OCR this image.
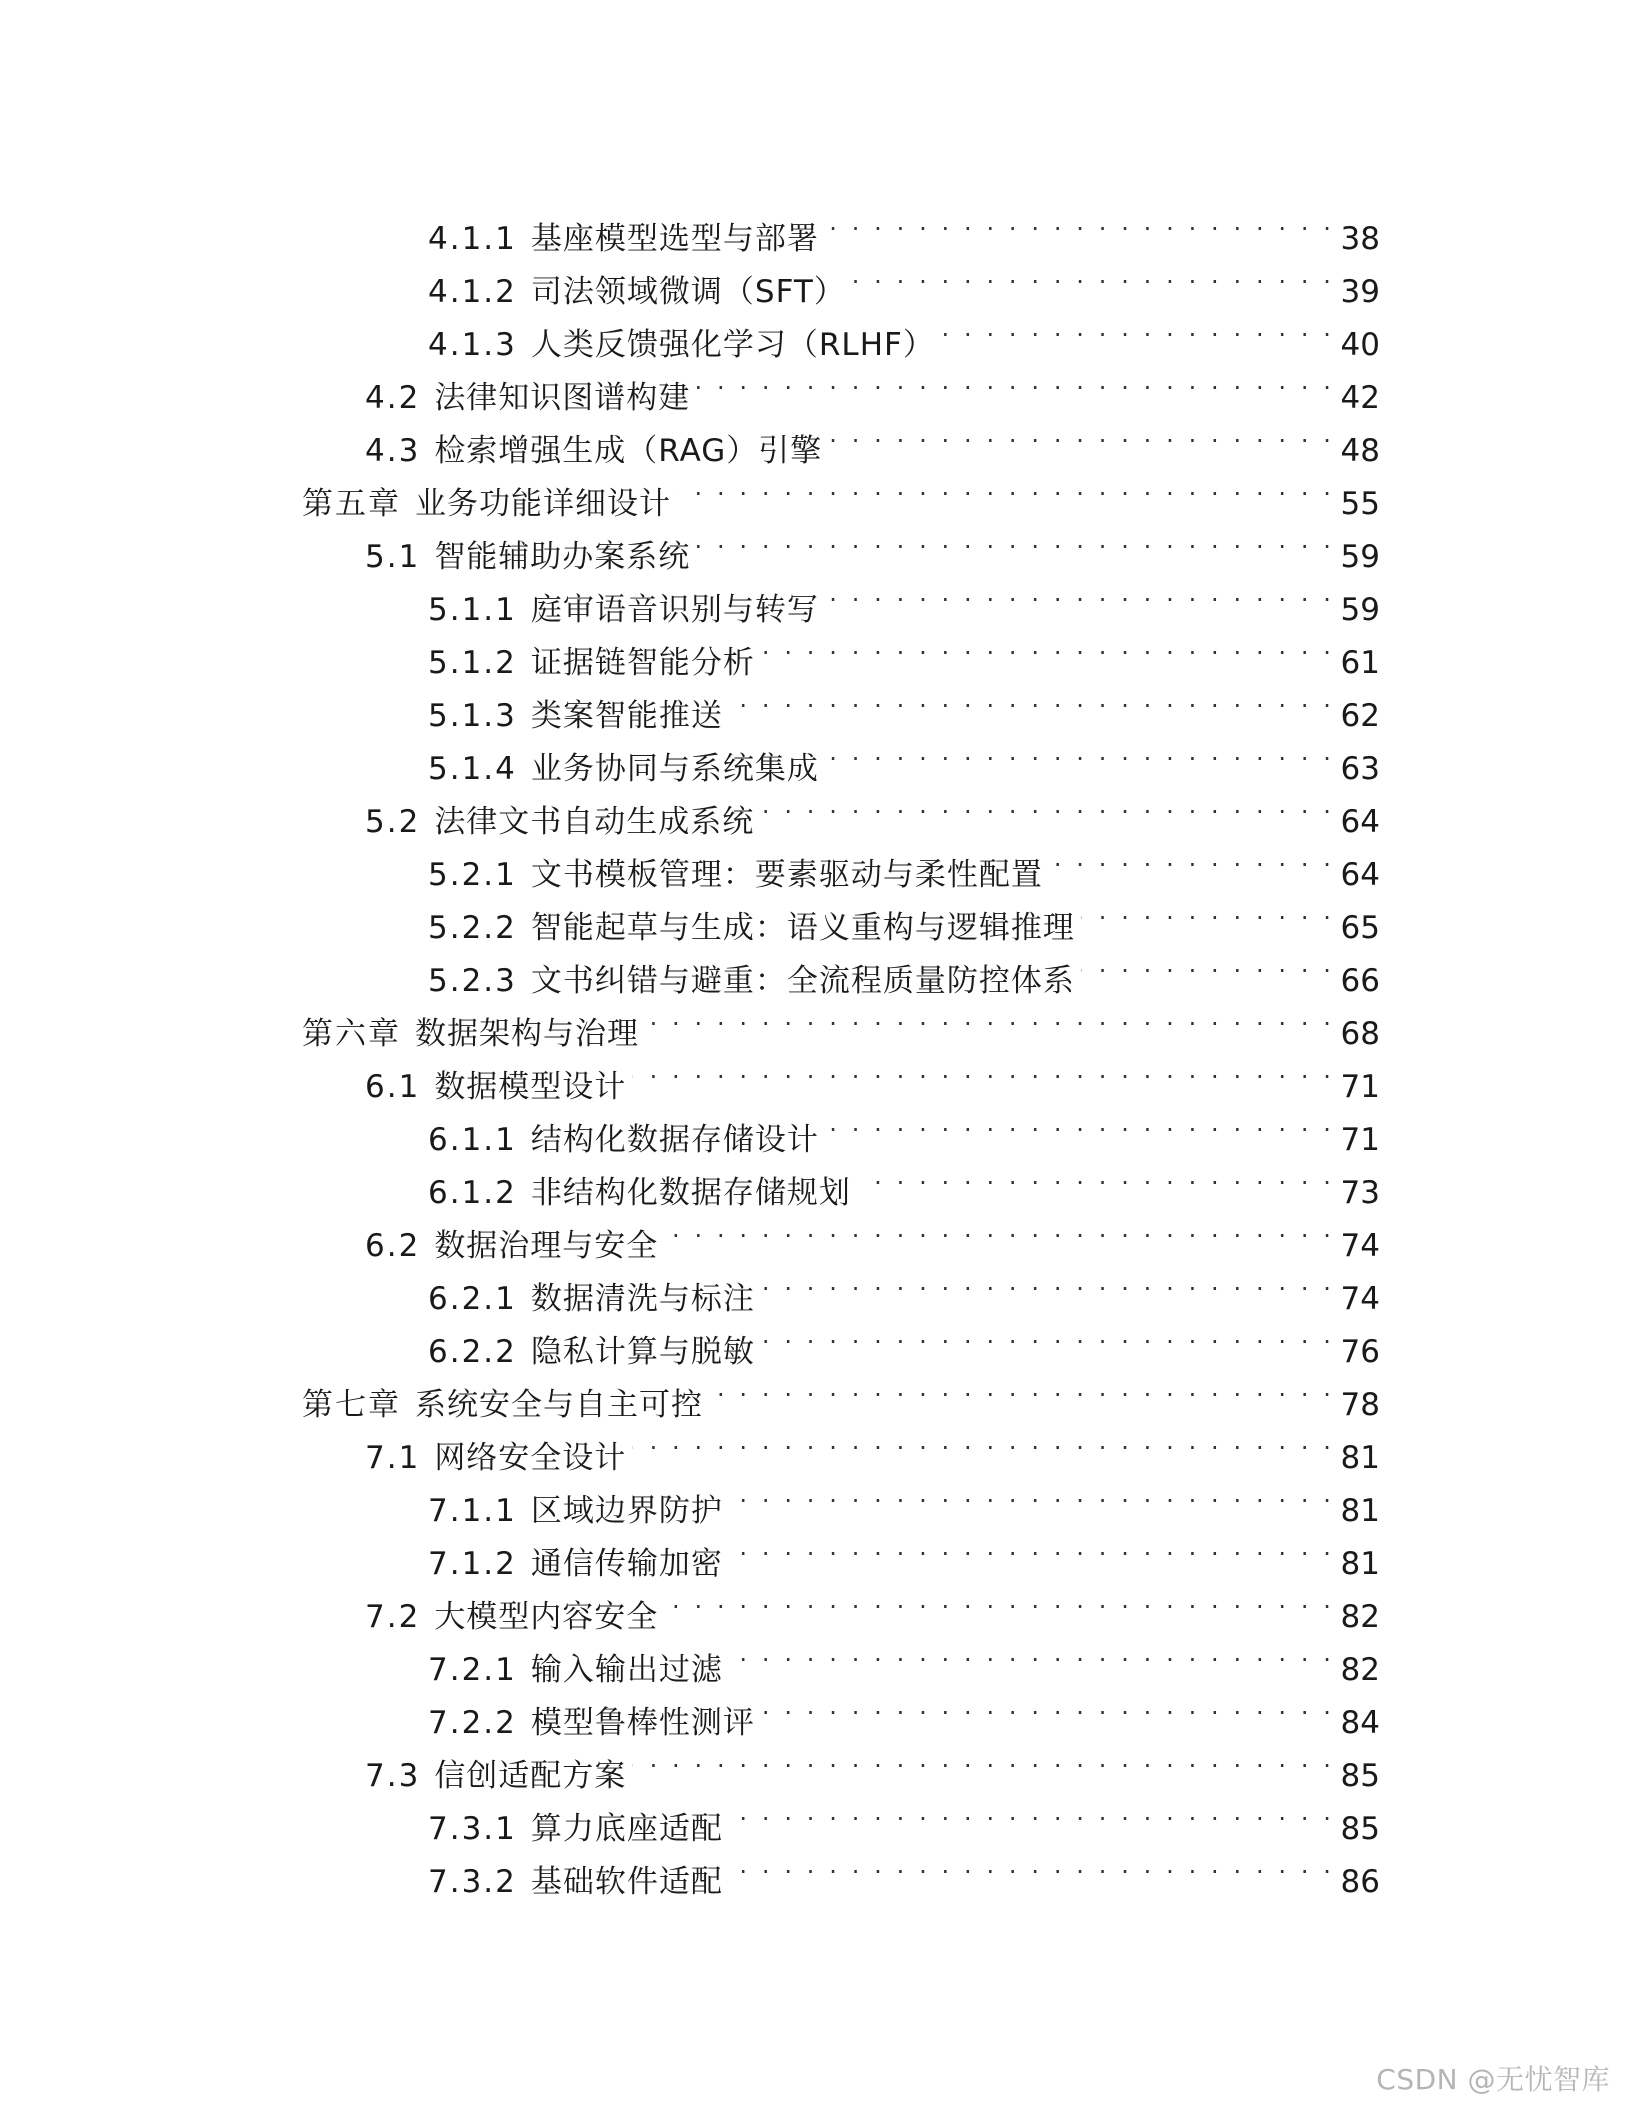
4.1.1 基座模型选型与部署 . . .	38
4.1.2 司法领域微调（SFT） . . .	39
4.1.3 人类反馈强化学习（RLHF） . . .	40
4.2 法律知识图谱构建 . . .	42
4.3 检索增强生成（RAG）引擎 . . .	48
第五章 业务功能详细设计 . . .	55
5.1 智能辅助办案系统 . . .	59
5.1.1 庭审语音识别与转写 . . .	59
5.1.2 证据链智能分析 . . .	61
5.1.3 类案智能推送 . . .	62
5.1.4 业务协同与系统集成 . . .	63
5.2 法律文书自动生成系统 . . .	64
5.2.1 文书模板管理：要素驱动与柔性配置 . . .	64
5.2.2 智能起草与生成：语义重构与逻辑推理 . . .	65
5.2.3 文书纠错与避重：全流程质量防控体系 . . .	66
第六章 数据架构与治理 . . .	68
6.1 数据模型设计 . . .	71
6.1.1 结构化数据存储设计 . . .	71
6.1.2 非结构化数据存储规划 . . .	73
6.2 数据治理与安全 . . .	74
6.2.1 数据清洗与标注 . . .	74
6.2.2 隐私计算与脱敏 . . .	76
第七章 系统安全与自主可控 . . .	78
7.1 网络安全设计 . . .	81
7.1.1 区域边界防护 . . .	81
7.1.2 通信传输加密 . . .	81
7.2 大模型内容安全 . . .	82
7.2.1 输入输出过滤 . . .	82
7.2.2 模型鲁棒性测评 . . .	84
7.3 信创适配方案 . . .	85
7.3.1 算力底座适配 . . .	85
7.3.2 基础软件适配 . . .	86
CSDN @无忧智库
